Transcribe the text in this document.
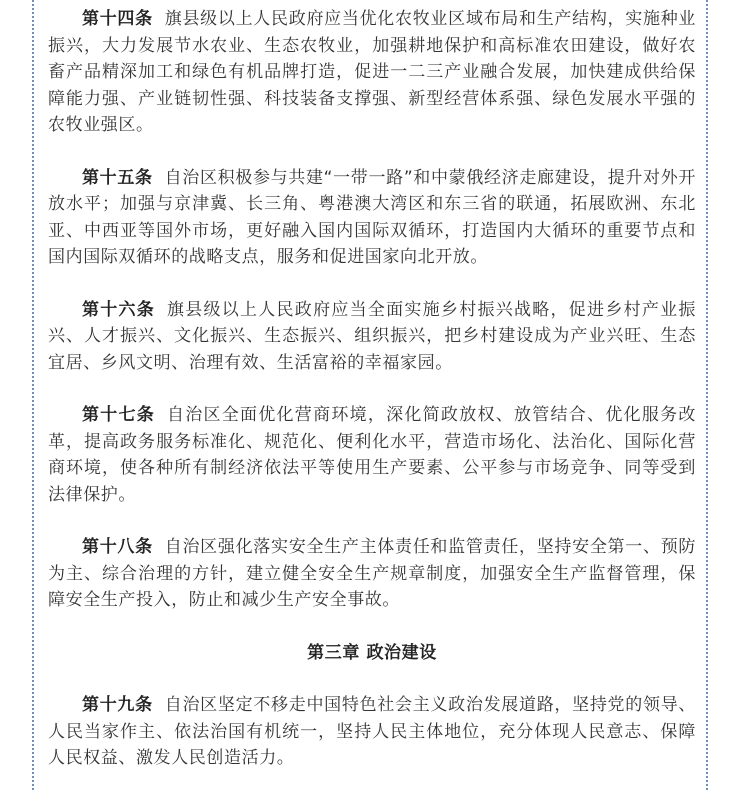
第十四条 旗县级以上人民政府应当优化农牧业区域布局和生产结构，实施种业振兴，大力发展节水农业、生态农牧业，加强耕地保护和高标准农田建设，做好农畜产品精深加工和绿色有机品牌打造，促进一二三产业融合发展，加快建成供给保障能力强、产业链韧性强、科技装备支撑强、新型经营体系强、绿色发展水平强的农牧业强区。

第十五条 自治区积极参与共建“一带一路”和中蒙俄经济走廊建设，提升对外开放水平；加强与京津冀、长三角、粤港澳大湾区和东三省的联通，拓展欧洲、东北亚、中西亚等国外市场，更好融入国内国际双循环，打造国内大循环的重要节点和国内国际双循环的战略支点，服务和促进国家向北开放。

第十六条 旗县级以上人民政府应当全面实施乡村振兴战略，促进乡村产业振兴、人才振兴、文化振兴、生态振兴、组织振兴，把乡村建设成为产业兴旺、生态宜居、乡风文明、治理有效、生活富裕的幸福家园。

第十七条 自治区全面优化营商环境，深化简政放权、放管结合、优化服务改革，提高政务服务标准化、规范化、便利化水平，营造市场化、法治化、国际化营商环境，使各种所有制经济依法平等使用生产要素、公平参与市场竞争、同等受到法律保护。

第十八条 自治区强化落实安全生产主体责任和监管责任，坚持安全第一、预防为主、综合治理的方针，建立健全安全生产规章制度，加强安全生产监督管理，保障安全生产投入，防止和减少生产安全事故。

第三章 政治建设

第十九条 自治区坚定不移走中国特色社会主义政治发展道路，坚持党的领导、人民当家作主、依法治国有机统一，坚持人民主体地位，充分体现人民意志、保障人民权益、激发人民创造活力。
